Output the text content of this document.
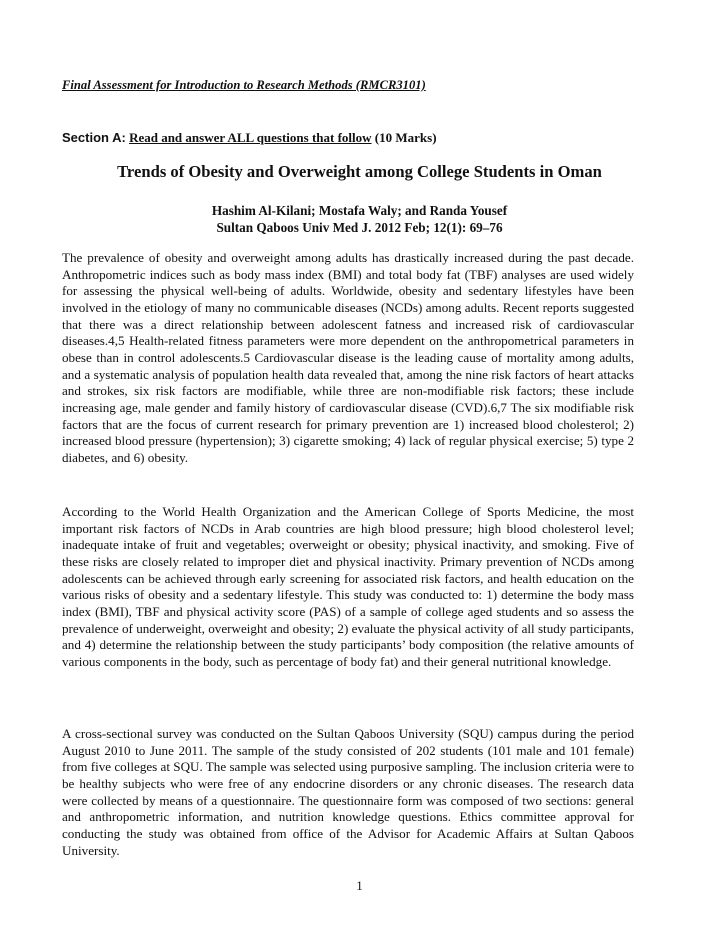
Final Assessment for Introduction to Research Methods (RMCR3101)
Section A: Read and answer ALL questions that follow (10 Marks)
Trends of Obesity and Overweight among College Students in Oman
Hashim Al-Kilani; Mostafa Waly; and Randa Yousef
Sultan Qaboos Univ Med J. 2012 Feb; 12(1): 69–76

The prevalence of obesity and overweight among adults has drastically increased during the past decade. Anthropometric indices such as body mass index (BMI) and total body fat (TBF) analyses are used widely for assessing the physical well-being of adults. Worldwide, obesity and sedentary lifestyles have been involved in the etiology of many no communicable diseases (NCDs) among adults. Recent reports suggested that there was a direct relationship between adolescent fatness and increased risk of cardiovascular diseases.4,5 Health-related fitness parameters were more dependent on the anthropometrical parameters in obese than in control adolescents.5 Cardiovascular disease is the leading cause of mortality among adults, and a systematic analysis of population health data revealed that, among the nine risk factors of heart attacks and strokes, six risk factors are modifiable, while three are non-modifiable risk factors; these include increasing age, male gender and family history of cardiovascular disease (CVD).6,7 The six modifiable risk factors that are the focus of current research for primary prevention are 1) increased blood cholesterol; 2) increased blood pressure (hypertension); 3) cigarette smoking; 4) lack of regular physical exercise; 5) type 2 diabetes, and 6) obesity.

According to the World Health Organization and the American College of Sports Medicine, the most important risk factors of NCDs in Arab countries are high blood pressure; high blood cholesterol level; inadequate intake of fruit and vegetables; overweight or obesity; physical inactivity, and smoking. Five of these risks are closely related to improper diet and physical inactivity. Primary prevention of NCDs among adolescents can be achieved through early screening for associated risk factors, and health education on the various risks of obesity and a sedentary lifestyle. This study was conducted to: 1) determine the body mass index (BMI), TBF and physical activity score (PAS) of a sample of college aged students and so assess the prevalence of underweight, overweight and obesity; 2) evaluate the physical activity of all study participants, and 4) determine the relationship between the study participants’ body composition (the relative amounts of various components in the body, such as percentage of body fat) and their general nutritional knowledge.

A cross-sectional survey was conducted on the Sultan Qaboos University (SQU) campus during the period August 2010 to June 2011. The sample of the study consisted of 202 students (101 male and 101 female) from five colleges at SQU. The sample was selected using purposive sampling. The inclusion criteria were to be healthy subjects who were free of any endocrine disorders or any chronic diseases. The research data were collected by means of a questionnaire. The questionnaire form was composed of two sections: general and anthropometric information, and nutrition knowledge questions. Ethics committee approval for conducting the study was obtained from office of the Advisor for Academic Affairs at Sultan Qaboos University.

1
